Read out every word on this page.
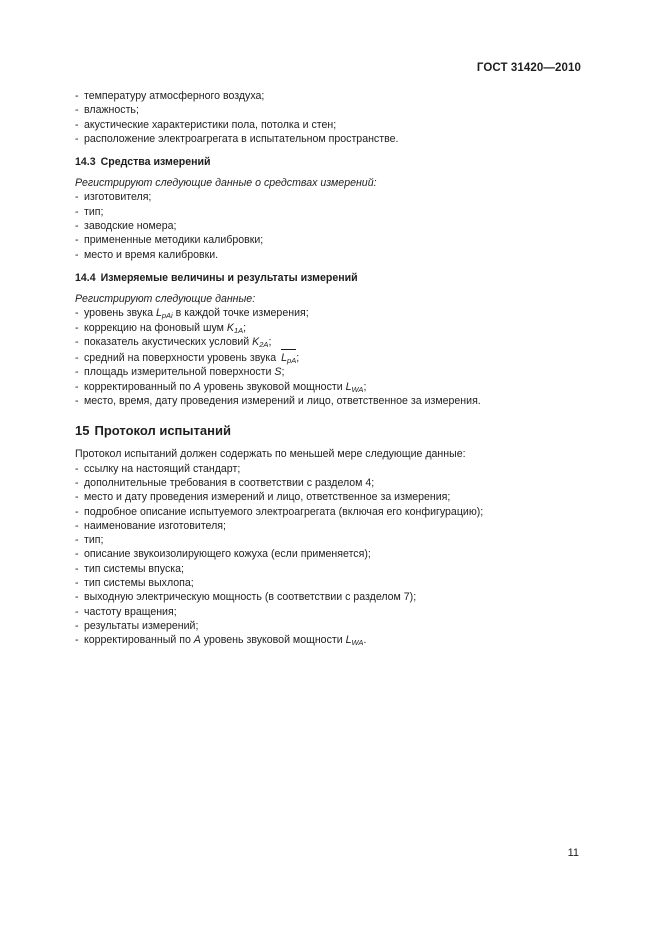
ГОСТ 31420—2010
- температуру атмосферного воздуха;
- влажность;
- акустические характеристики пола, потолка и стен;
- расположение электроагрегата в испытательном пространстве.
14.3 Средства измерений
Регистрируют следующие данные о средствах измерений:
- изготовителя;
- тип;
- заводские номера;
- примененные методики калибровки;
- место и время калибровки.
14.4 Измеряемые величины и результаты измерений
Регистрируют следующие данные:
- уровень звука $L_{pAi}$ в каждой точке измерения;
- коррекцию на фоновый шум $K_{1A}$;
- показатель акустических условий $K_{2A}$;
- средний на поверхности уровень звука $L_{pA}$;
- площадь измерительной поверхности S;
- корректированный по A уровень звуковой мощности $L_{WA}$;
- место, время, дату проведения измерений и лицо, ответственное за измерения.
15 Протокол испытаний
Протокол испытаний должен содержать по меньшей мере следующие данные:
- ссылку на настоящий стандарт;
- дополнительные требования в соответствии с разделом 4;
- место и дату проведения измерений и лицо, ответственное за измерения;
- подробное описание испытуемого электроагрегата (включая его конфигурацию);
- наименование изготовителя;
- тип;
- описание звукоизолирующего кожуха (если применяется);
- тип системы впуска;
- тип системы выхлопа;
- выходную электрическую мощность (в соответствии с разделом 7);
- частоту вращения;
- результаты измерений;
- корректированный по A уровень звуковой мощности $L_{WA}$.
11
